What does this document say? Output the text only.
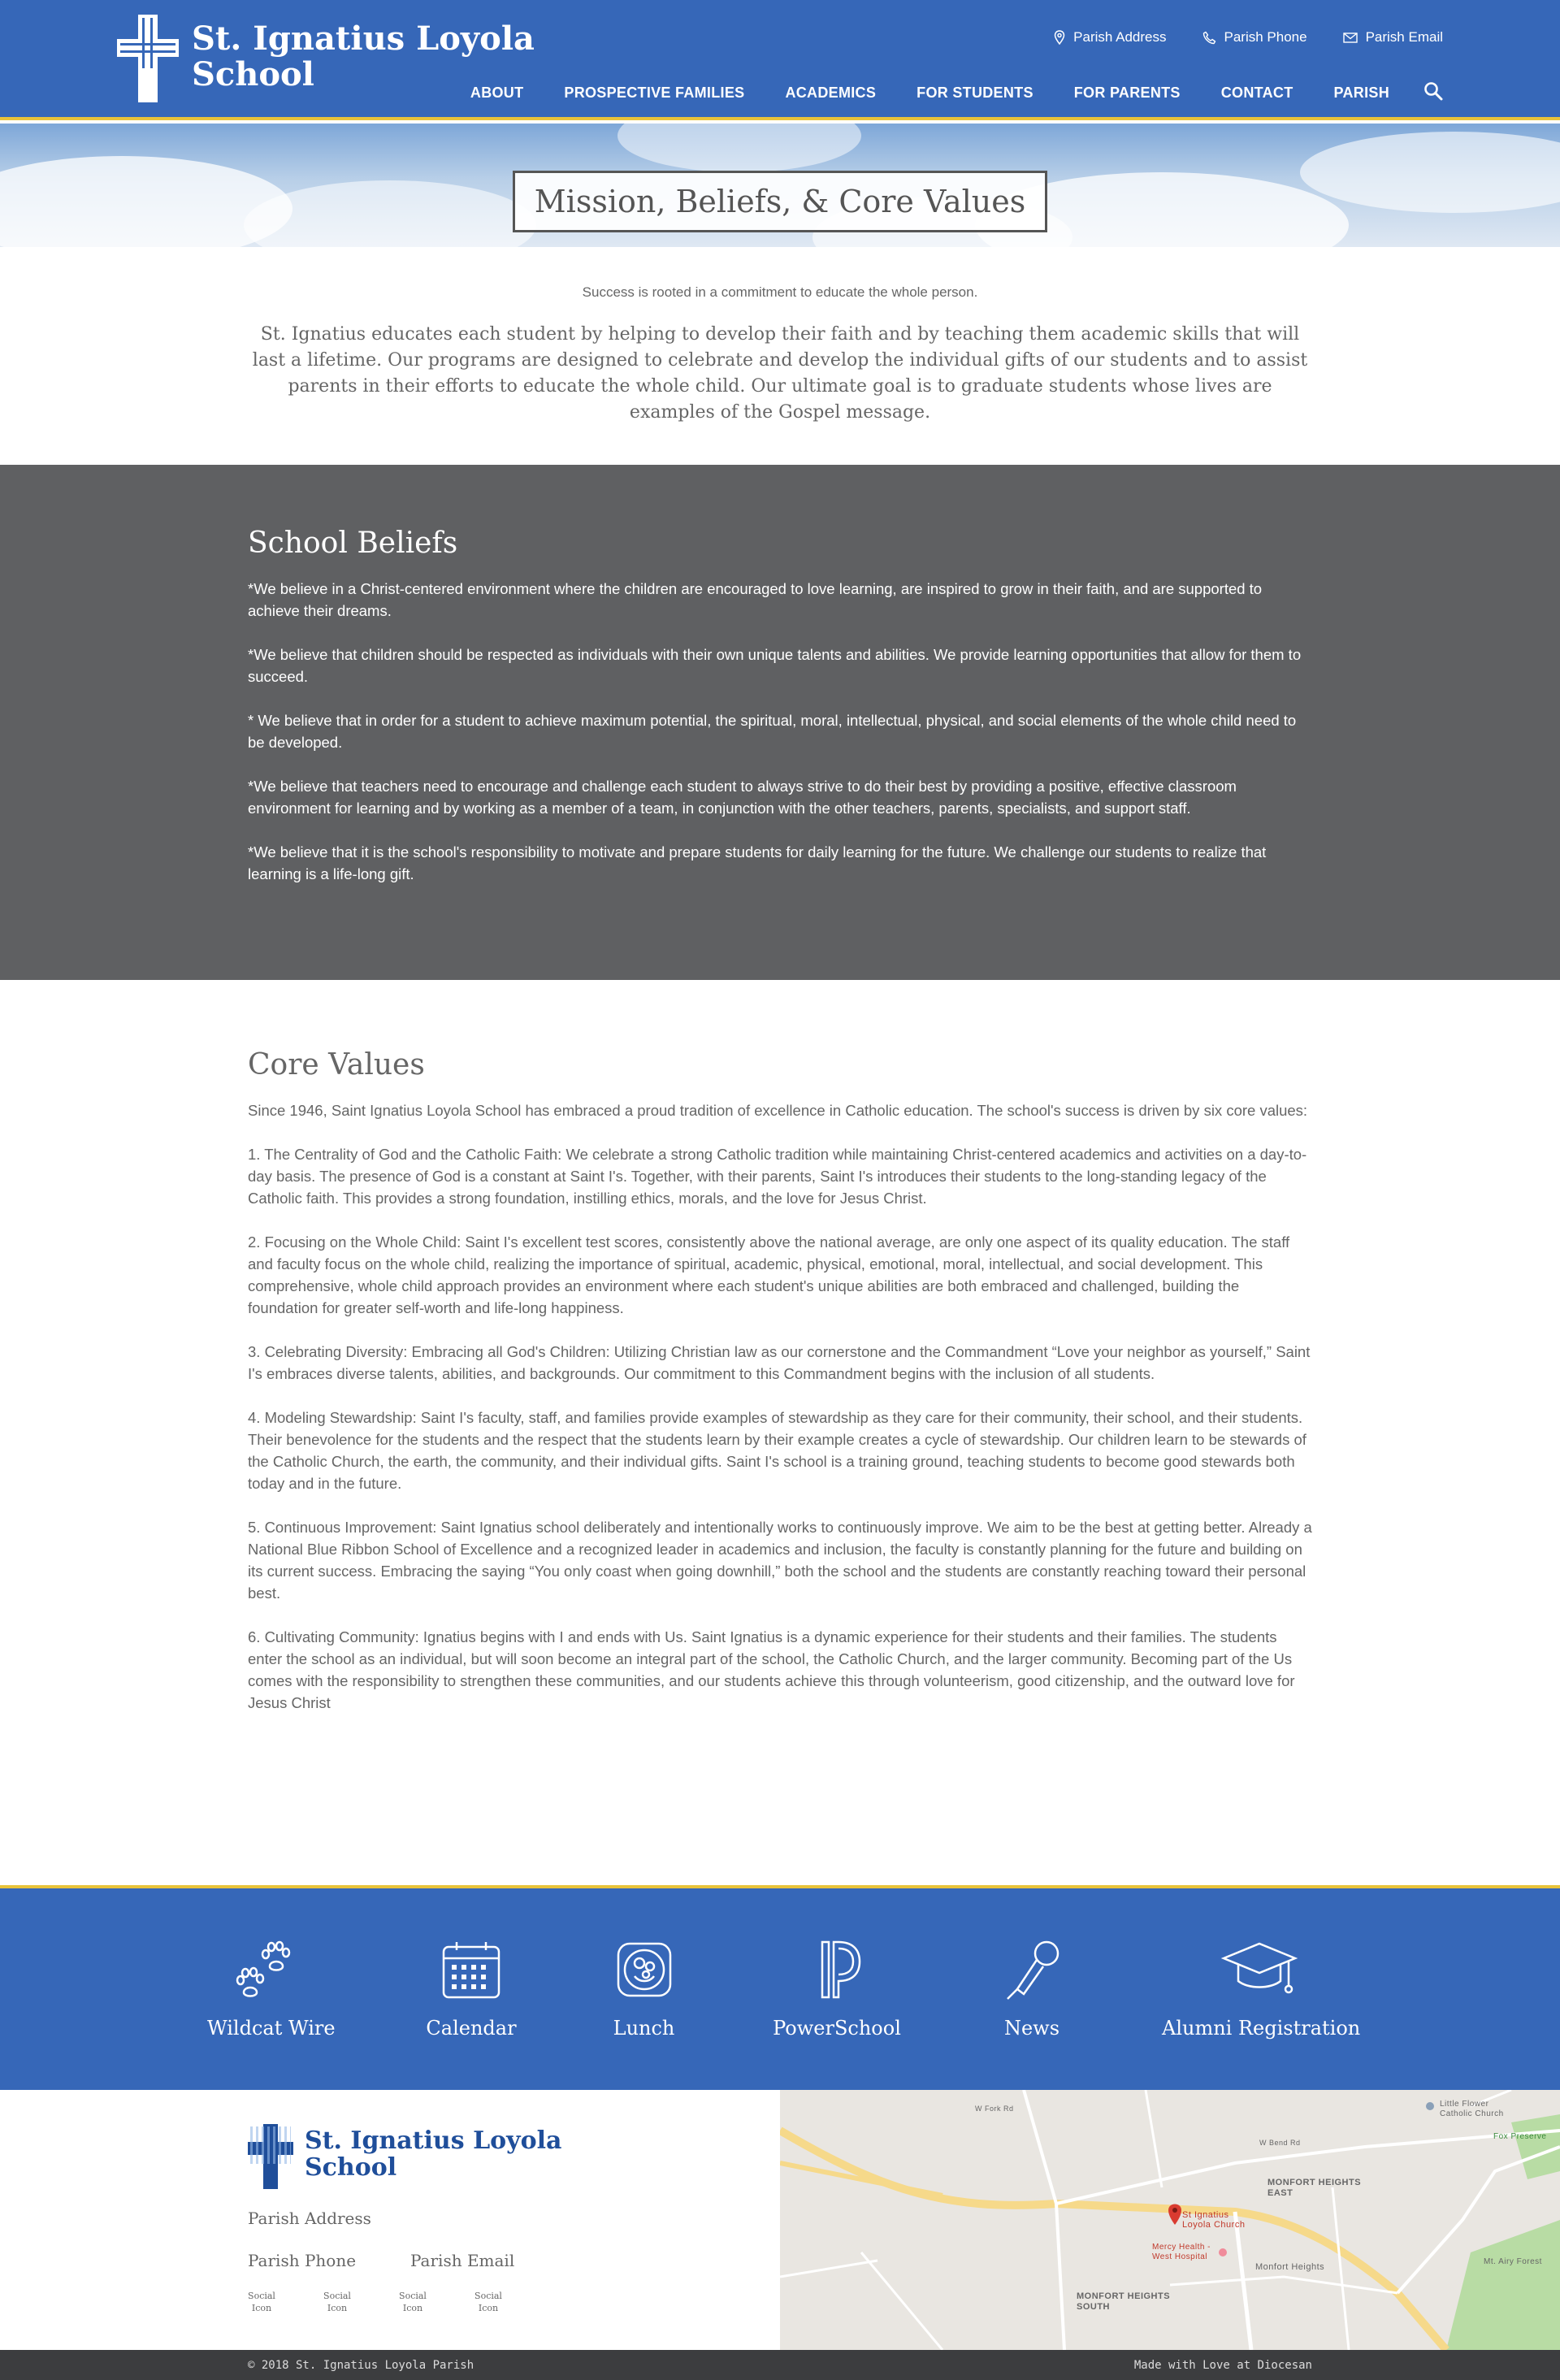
St. Ignatius Loyola
School
Parish Address	Parish Phone	Parish Email
ABOUT	PROSPECTIVE FAMILIES	ACADEMICS	FOR STUDENTS	FOR PARENTS	CONTACT	PARISH
Mission, Beliefs, & Core Values
Success is rooted in a commitment to educate the whole person.
St. Ignatius educates each student by helping to develop their faith and by teaching them academic skills that will last a lifetime. Our programs are designed to celebrate and develop the individual gifts of our students and to assist parents in their efforts to educate the whole child. Our ultimate goal is to graduate students whose lives are examples of the Gospel message.
School Beliefs

*We believe in a Christ-centered environment where the children are encouraged to love learning, are inspired to grow in their faith, and are supported to achieve their dreams.

*We believe that children should be respected as individuals with their own unique talents and abilities. We provide learning opportunities that allow for them to succeed.

* We believe that in order for a student to achieve maximum potential, the spiritual, moral, intellectual, physical, and social elements of the whole child need to be developed.

*We believe that teachers need to encourage and challenge each student to always strive to do their best by providing a positive, effective classroom environment for learning and by working as a member of a team, in conjunction with the other teachers, parents, specialists, and support staff.

*We believe that it is the school's responsibility to motivate and prepare students for daily learning for the future. We challenge our students to realize that learning is a life-long gift.

Core Values

Since 1946, Saint Ignatius Loyola School has embraced a proud tradition of excellence in Catholic education. The school's success is driven by six core values:

1. The Centrality of God and the Catholic Faith: We celebrate a strong Catholic tradition while maintaining Christ-centered academics and activities on a day-to-day basis. The presence of God is a constant at Saint I's. Together, with their parents, Saint I's introduces their students to the long-standing legacy of the Catholic faith. This provides a strong foundation, instilling ethics, morals, and the love for Jesus Christ.

2. Focusing on the Whole Child: Saint I's excellent test scores, consistently above the national average, are only one aspect of its quality education. The staff and faculty focus on the whole child, realizing the importance of spiritual, academic, physical, emotional, moral, intellectual, and social development. This comprehensive, whole child approach provides an environment where each student's unique abilities are both embraced and challenged, building the foundation for greater self-worth and life-long happiness.

3. Celebrating Diversity: Embracing all God's Children: Utilizing Christian law as our cornerstone and the Commandment “Love your neighbor as yourself,” Saint I's embraces diverse talents, abilities, and backgrounds. Our commitment to this Commandment begins with the inclusion of all students.

4. Modeling Stewardship: Saint I's faculty, staff, and families provide examples of stewardship as they care for their community, their school, and their students. Their benevolence for the students and the respect that the students learn by their example creates a cycle of stewardship. Our children learn to be stewards of the Catholic Church, the earth, the community, and their individual gifts. Saint I's school is a training ground, teaching students to become good stewards both today and in the future.

5. Continuous Improvement: Saint Ignatius school deliberately and intentionally works to continuously improve. We aim to be the best at getting better. Already a National Blue Ribbon School of Excellence and a recognized leader in academics and inclusion, the faculty is constantly planning for the future and building on its current success. Embracing the saying “You only coast when going downhill,” both the school and the students are constantly reaching toward their personal best.

6. Cultivating Community: Ignatius begins with I and ends with Us. Saint Ignatius is a dynamic experience for their students and their families. The students enter the school as an individual, but will soon become an integral part of the school, the Catholic Church, and the larger community. Becoming part of the Us comes with the responsibility to strengthen these communities, and our students achieve this through volunteerism, good citizenship, and the outward love for Jesus Christ

Wildcat Wire	Calendar	Lunch	PowerSchool	News	Alumni Registration
St. Ignatius Loyola
School
Parish Address
Parish Phone	Parish Email
Social Icon
Social Icon
Social Icon
Social Icon
St Ignatius Loyola Church
Mercy Health - West Hospital
MONFORT HEIGHTS EAST
MONFORT HEIGHTS SOUTH
Monfort Heights
Little Flower Catholic Church
Mt. Airy Forest
Fox Preserve
W Fork Rd
W Bend Rd
© 2018 St. Ignatius Loyola Parish	Made with Love at Diocesan
